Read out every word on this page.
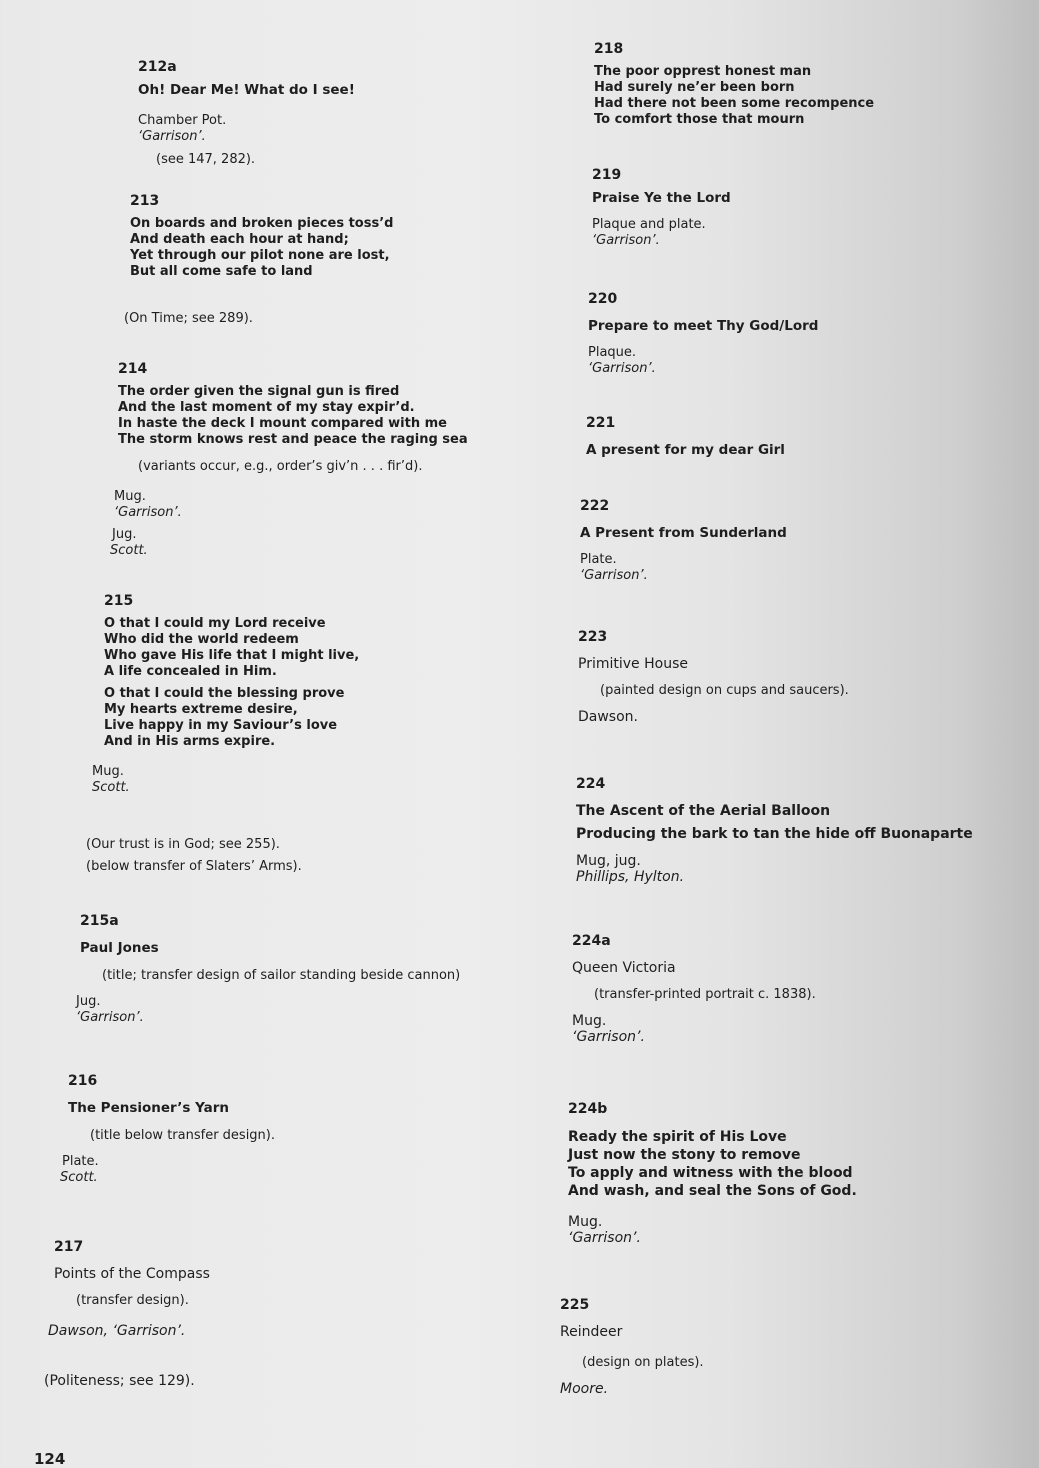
212a
Oh! Dear Me! What do I see!
Chamber Pot.
‘Garrison’.
(see 147, 282).
213
On boards and broken pieces toss’d
And death each hour at hand;
Yet through our pilot none are lost,
But all come safe to land
(On Time; see 289).
214
The order given the signal gun is fired
And the last moment of my stay expir’d.
In haste the deck I mount compared with me
The storm knows rest and peace the raging sea
(variants occur, e.g., order’s giv’n . . . fir’d).
Mug.
‘Garrison’.
Jug.
Scott.
215
O that I could my Lord receive
Who did the world redeem
Who gave His life that I might live,
A life concealed in Him.
O that I could the blessing prove
My hearts extreme desire,
Live happy in my Saviour’s love
And in His arms expire.
Mug.
Scott.
(Our trust is in God; see 255).
(below transfer of Slaters’ Arms).
215a
Paul Jones
(title; transfer design of sailor standing beside cannon)
Jug.
‘Garrison’.
216
The Pensioner’s Yarn
(title below transfer design).
Plate.
Scott.
217
Points of the Compass
(transfer design).
Dawson, ‘Garrison’.
(Politeness; see 129).
218
The poor opprest honest man
Had surely ne’er been born
Had there not been some recompence
To comfort those that mourn
219
Praise Ye the Lord
Plaque and plate.
‘Garrison’.
220
Prepare to meet Thy God/Lord
Plaque.
‘Garrison’.
221
A present for my dear Girl
222
A Present from Sunderland
Plate.
‘Garrison’.
223
Primitive House
(painted design on cups and saucers).
Dawson.
224
The Ascent of the Aerial Balloon
Producing the bark to tan the hide off Buonaparte
Mug, jug.
Phillips, Hylton.
224a
Queen Victoria
(transfer-printed portrait c. 1838).
Mug.
‘Garrison’.
224b
Ready the spirit of His Love
Just now the stony to remove
To apply and witness with the blood
And wash, and seal the Sons of God.
Mug.
‘Garrison’.
225
Reindeer
(design on plates).
Moore.
124
